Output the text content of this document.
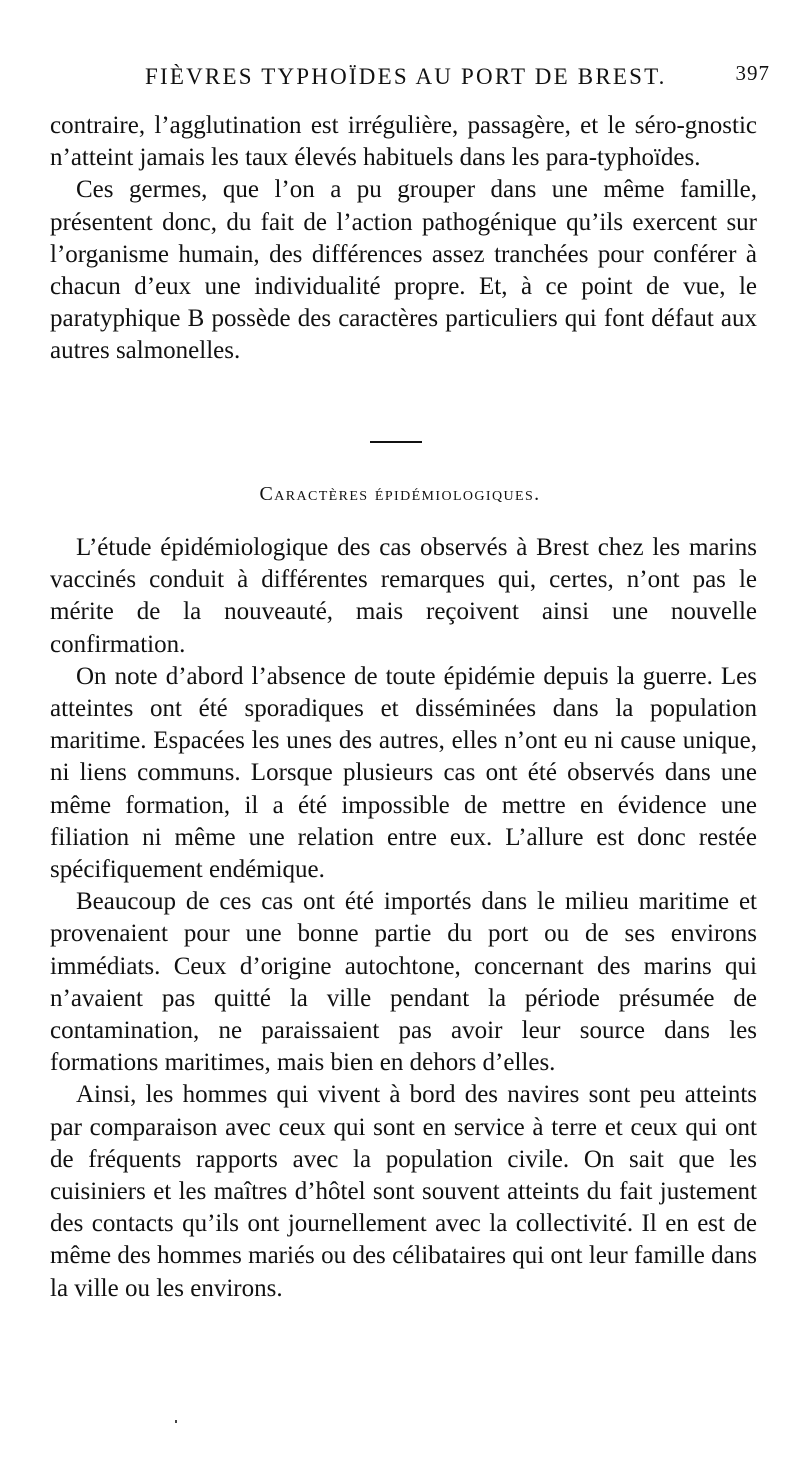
FIÈVRES TYPHOÏDES AU PORT DE BREST.	397

contraire, l’agglutination est irrégulière, passagère, et le séro-gnostic n’atteint jamais les taux élevés habituels dans les para-typhoïdes.

Ces germes, que l’on a pu grouper dans une même famille, présentent donc, du fait de l’action pathogénique qu’ils exercent sur l’organisme humain, des différences assez tranchées pour conférer à chacun d’eux une individualité propre. Et, à ce point de vue, le paratyphique B possède des caractères particuliers qui font défaut aux autres salmonelles.

Caractères épidémiologiques.

L’étude épidémiologique des cas observés à Brest chez les marins vaccinés conduit à différentes remarques qui, certes, n’ont pas le mérite de la nouveauté, mais reçoivent ainsi une nouvelle confirmation.

On note d’abord l’absence de toute épidémie depuis la guerre. Les atteintes ont été sporadiques et disséminées dans la population maritime. Espacées les unes des autres, elles n’ont eu ni cause unique, ni liens communs. Lorsque plusieurs cas ont été observés dans une même formation, il a été impossible de mettre en évidence une filiation ni même une relation entre eux. L’allure est donc restée spécifiquement endémique.

Beaucoup de ces cas ont été importés dans le milieu maritime et provenaient pour une bonne partie du port ou de ses environs immédiats. Ceux d’origine autochtone, concernant des marins qui n’avaient pas quitté la ville pendant la période présumée de contamination, ne paraissaient pas avoir leur source dans les formations maritimes, mais bien en dehors d’elles.

Ainsi, les hommes qui vivent à bord des navires sont peu atteints par comparaison avec ceux qui sont en service à terre et ceux qui ont de fréquents rapports avec la population civile. On sait que les cuisiniers et les maîtres d’hôtel sont souvent atteints du fait justement des contacts qu’ils ont journellement avec la collectivité. Il en est de même des hommes mariés ou des célibataires qui ont leur famille dans la ville ou les environs.
